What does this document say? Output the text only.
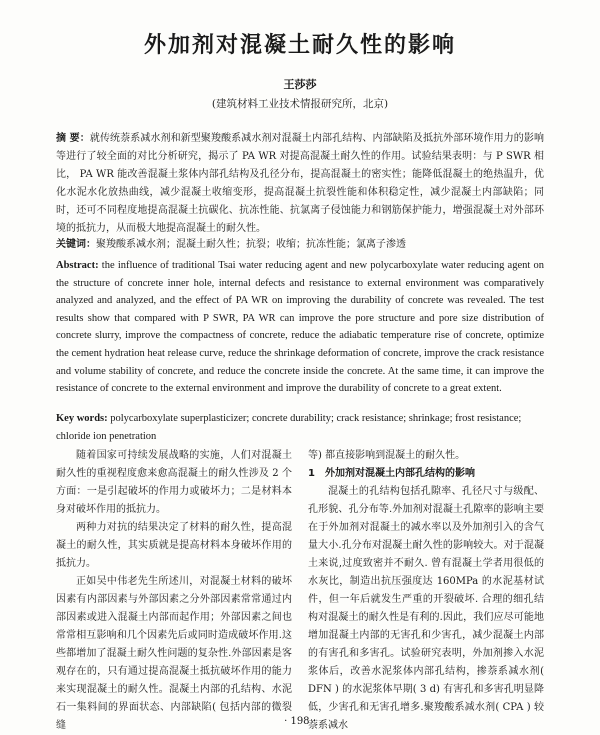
外加剂对混凝土耐久性的影响

王莎莎

(建筑材料工业技术情报研究所，北京)

摘 要：就传统萘系减水剂和新型聚羧酸系减水剂对混凝土内部孔结构、内部缺陷及抵抗外部环境作用力的影响等进行了较全面的对比分析研究，揭示了 PA WR 对提高混凝土耐久性的作用。试验结果表明：与 P SWR 相比， PA WR 能改善混凝土浆体内部孔结构及孔径分布，提高混凝土的密实性；能降低混凝土的绝热温升，优化水泥水化放热曲线，减少混凝土收缩变形，提高混凝土抗裂性能和体积稳定性，减少混凝土内部缺陷；同时，还可不同程度地提高混凝土抗碳化、抗冻性能、抗氯离子侵蚀能力和钢筋保护能力，增强混凝土对外部环境的抵抗力，从而极大地提高混凝土的耐久性。

关键词：聚羧酸系减水剂；混凝土耐久性；抗裂；收缩；抗冻性能；氯离子渗透

Abstract: the influence of traditional Tsai water reducing agent and new polycarboxylate water reducing agent on the structure of concrete inner hole, internal defects and resistance to external environment was comparatively analyzed and analyzed, and the effect of PA WR on improving the durability of concrete was revealed. The test results show that compared with P SWR, PA WR can improve the pore structure and pore size distribution of concrete slurry, improve the compactness of concrete, reduce the adiabatic temperature rise of concrete, optimize the cement hydration heat release curve, reduce the shrinkage deformation of concrete, improve the crack resistance and volume stability of concrete, and reduce the concrete inside the concrete. At the same time, it can improve the resistance of concrete to the external environment and improve the durability of concrete to a great extent.

Key words: polycarboxylate superplasticizer; concrete durability; crack resistance; shrinkage; frost resistance; chloride ion penetration

随着国家可持续发展战略的实施，人们对混凝土耐久性的重视程度愈来愈高混凝土的耐久性涉及 2 个方面：一是引起破坏的作用力或破坏力；二是材料本身对破坏作用的抵抗力。

两种力对抗的结果决定了材料的耐久性，提高混凝土的耐久性，其实质就是提高材料本身破坏作用的抵抗力。

正如吴中伟老先生所述川，对混凝土材料的破坏因素有内部因素与外部因素之分外部因素常常通过内部因素或进入混凝土内部而起作用；外部因素之间也常常相互影响和几个因素先后或同时造成破坏作用.这些都增加了混凝土耐久性问题的复杂性.外部因素是客观存在的，只有通过提高混凝土抵抗破坏作用的能力来实现混凝土的耐久性。混凝土内部的孔结构、水泥石一集料间的界面状态、内部缺陷( 包括内部的微裂缝

等) 都直接影响到混凝土的耐久性。

1　外加剂对混凝土内部孔结构的影响

混凝土的孔结构包括孔隙率、孔径尺寸与级配、孔形貌、孔分布等.外加剂对混凝土孔隙率的影响主要在于外加剂对混凝土的减水率以及外加剂引入的含气量大小.孔分布对混凝土耐久性的影响较大。对于混凝土来说,过度致密并不耐久. 曾有混凝土学者用很低的水灰比，制造出抗压强度达 160MPa 的水泥基材试件，但一年后就发生严重的开裂破坏. 合理的细孔结构对混凝土的耐久性是有利的.因此，我们应尽可能地增加混凝土内部的无害孔和少害孔，减少混凝土内部的有害孔和多害孔。试验研究表明，外加剂掺入水泥浆体后，改善水泥浆体内部孔结构，掺萘系减水剂( DFN ) 的水泥浆体早期( 3 d) 有害孔和多害孔明显降低，少害孔和无害孔增多.聚羧酸系减水剂( CPA ) 较萘系减水

· 198 ·
